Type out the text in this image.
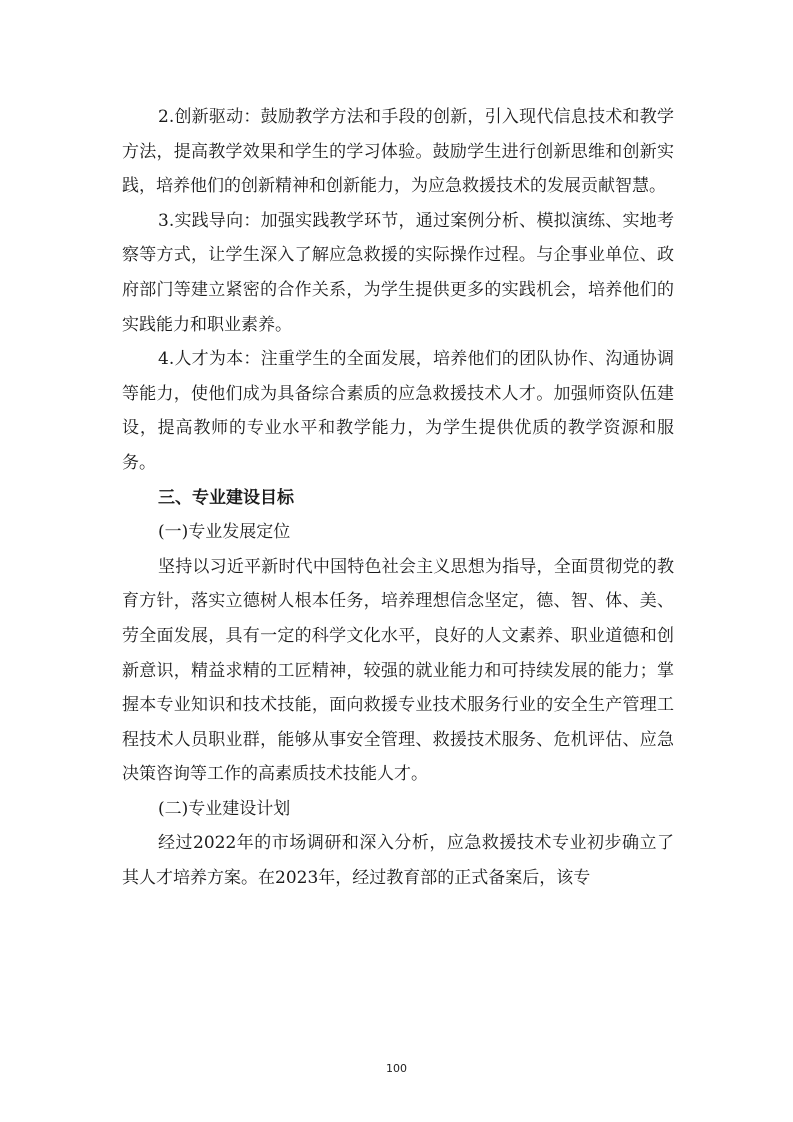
2.创新驱动：鼓励教学方法和手段的创新，引入现代信息技术和教学方法，提高教学效果和学生的学习体验。鼓励学生进行创新思维和创新实践，培养他们的创新精神和创新能力，为应急救援技术的发展贡献智慧。

3.实践导向：加强实践教学环节，通过案例分析、模拟演练、实地考察等方式，让学生深入了解应急救援的实际操作过程。与企事业单位、政府部门等建立紧密的合作关系，为学生提供更多的实践机会，培养他们的实践能力和职业素养。

4.人才为本：注重学生的全面发展，培养他们的团队协作、沟通协调等能力，使他们成为具备综合素质的应急救援技术人才。加强师资队伍建设，提高教师的专业水平和教学能力，为学生提供优质的教学资源和服务。

三、专业建设目标

(一)专业发展定位

坚持以习近平新时代中国特色社会主义思想为指导，全面贯彻党的教育方针，落实立德树人根本任务，培养理想信念坚定，德、智、体、美、劳全面发展，具有一定的科学文化水平，良好的人文素养、职业道德和创新意识，精益求精的工匠精神，较强的就业能力和可持续发展的能力；掌握本专业知识和技术技能，面向救援专业技术服务行业的安全生产管理工程技术人员职业群，能够从事安全管理、救援技术服务、危机评估、应急决策咨询等工作的高素质技术技能人才。

(二)专业建设计划

经过2022年的市场调研和深入分析，应急救援技术专业初步确立了其人才培养方案。在2023年，经过教育部的正式备案后，该专

100
